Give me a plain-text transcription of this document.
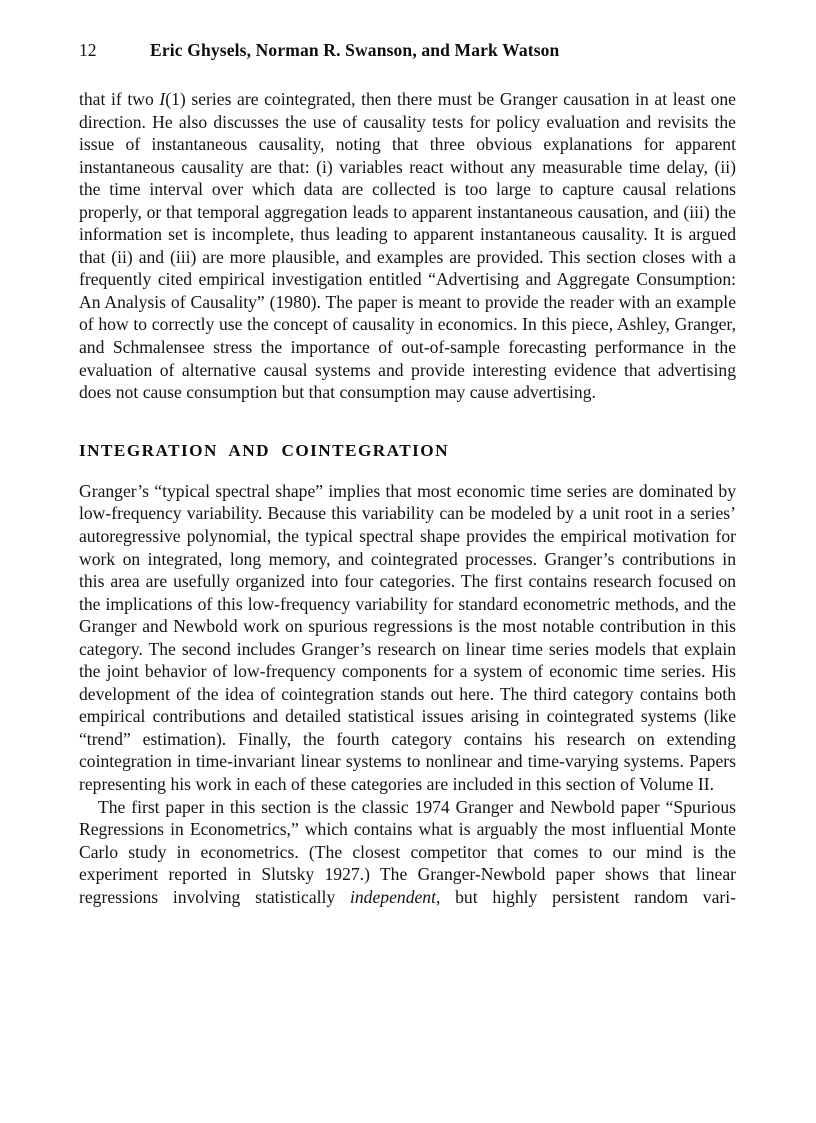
12	Eric Ghysels, Norman R. Swanson, and Mark Watson

that if two I(1) series are cointegrated, then there must be Granger causation in at least one direction. He also discusses the use of causality tests for policy evaluation and revisits the issue of instantaneous causality, noting that three obvious explanations for apparent instantaneous causality are that: (i) variables react without any measurable time delay, (ii) the time interval over which data are collected is too large to capture causal relations properly, or that temporal aggregation leads to apparent instantaneous causation, and (iii) the information set is incomplete, thus leading to apparent instantaneous causality. It is argued that (ii) and (iii) are more plausible, and examples are provided. This section closes with a frequently cited empirical investigation entitled “Advertising and Aggregate Consumption: An Analysis of Causality” (1980). The paper is meant to provide the reader with an example of how to correctly use the concept of causality in economics. In this piece, Ashley, Granger, and Schmalensee stress the importance of out-of-sample forecasting performance in the evaluation of alternative causal systems and provide interesting evidence that advertising does not cause consumption but that consumption may cause advertising.

INTEGRATION  AND  COINTEGRATION

Granger’s “typical spectral shape” implies that most economic time series are dominated by low-frequency variability. Because this variability can be modeled by a unit root in a series’ autoregressive polynomial, the typical spectral shape provides the empirical motivation for work on integrated, long memory, and cointegrated processes. Granger’s contributions in this area are usefully organized into four categories. The first contains research focused on the implications of this low-frequency variability for standard econometric methods, and the Granger and Newbold work on spurious regressions is the most notable contribution in this category. The second includes Granger’s research on linear time series models that explain the joint behavior of low-frequency components for a system of economic time series. His development of the idea of cointegration stands out here. The third category contains both empirical contributions and detailed statistical issues arising in cointegrated systems (like “trend” estimation). Finally, the fourth category contains his research on extending cointegration in time-invariant linear systems to nonlinear and time-varying systems. Papers representing his work in each of these categories are included in this section of Volume II.

The first paper in this section is the classic 1974 Granger and Newbold paper “Spurious Regressions in Econometrics,” which contains what is arguably the most influential Monte Carlo study in econometrics. (The closest competitor that comes to our mind is the experiment reported in Slutsky 1927.) The Granger-Newbold paper shows that linear regressions involving statistically independent, but highly persistent random vari-
